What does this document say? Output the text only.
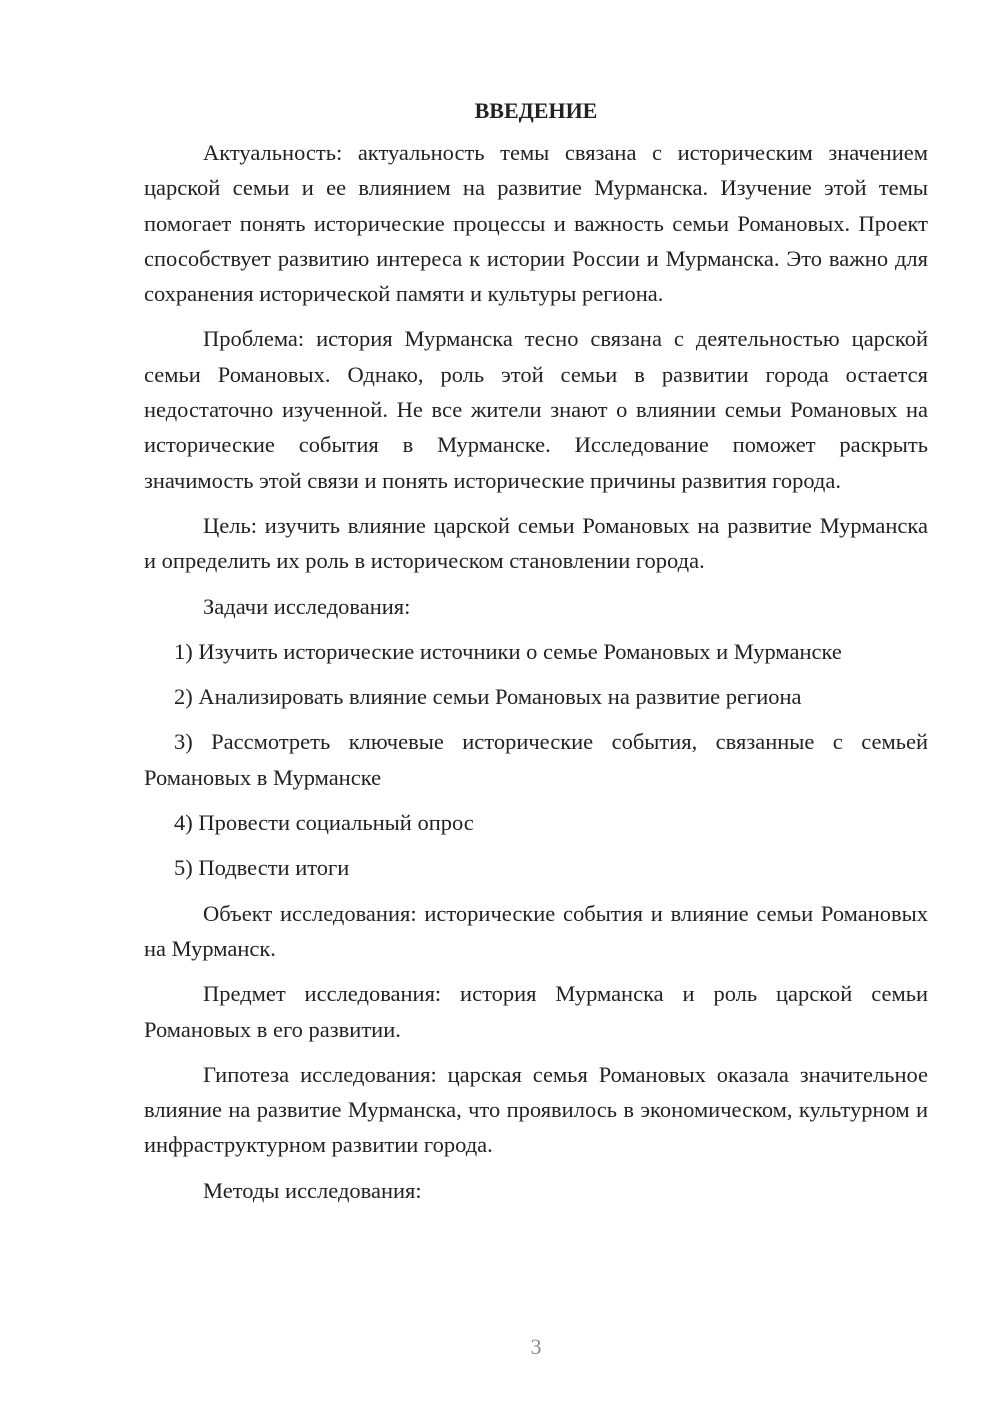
ВВЕДЕНИЕ

Актуальность: актуальность темы связана с историческим значением царской семьи и ее влиянием на развитие Мурманска. Изучение этой темы помогает понять исторические процессы и важность семьи Романовых. Проект способствует развитию интереса к истории России и Мурманска. Это важно для сохранения исторической памяти и культуры региона.

Проблема: история Мурманска тесно связана с деятельностью царской семьи Романовых. Однако, роль этой семьи в развитии города остается недостаточно изученной. Не все жители знают о влиянии семьи Романовых на исторические события в Мурманске. Исследование поможет раскрыть значимость этой связи и понять исторические причины развития города.

Цель: изучить влияние царской семьи Романовых на развитие Мурманска и определить их роль в историческом становлении города.

Задачи исследования:

1) Изучить исторические источники о семье Романовых и Мурманске

2) Анализировать влияние семьи Романовых на развитие региона

3) Рассмотреть ключевые исторические события, связанные с семьей Романовых в Мурманске

4) Провести социальный опрос

5) Подвести итоги

Объект исследования: исторические события и влияние семьи Романовых на Мурманск.

Предмет исследования: история Мурманска и роль царской семьи Романовых в его развитии.

Гипотеза исследования: царская семья Романовых оказала значительное влияние на развитие Мурманска, что проявилось в экономическом, культурном и инфраструктурном развитии города.

Методы исследования:

3
